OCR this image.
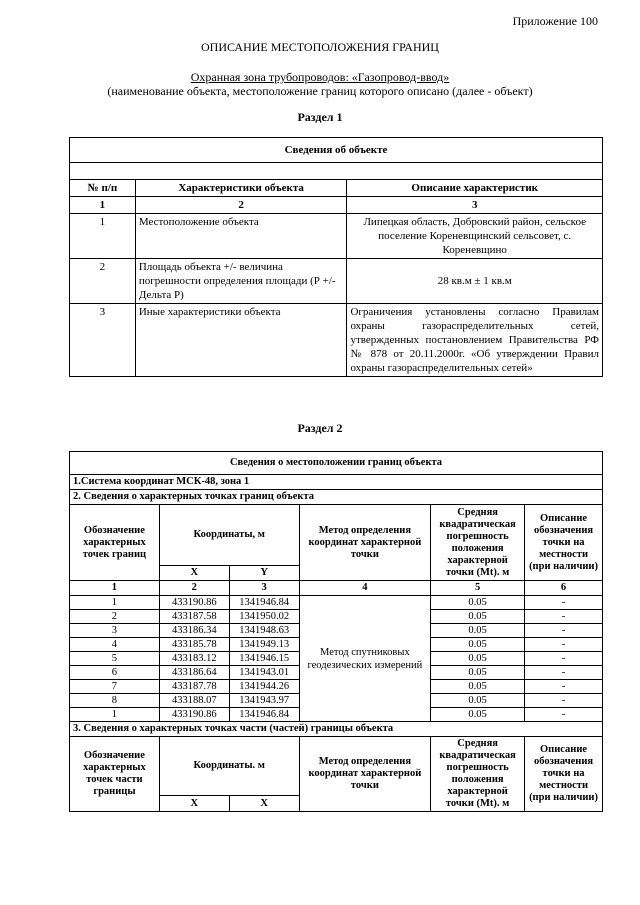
Приложение 100
ОПИСАНИЕ МЕСТОПОЛОЖЕНИЯ ГРАНИЦ
Охранная зона трубопроводов: «Газопровод-ввод»
(наименование объекта, местоположение границ которого описано (далее - объект)
Раздел 1
Сведения об объекте		

№ п/п	Характеристики объекта	Описание характеристик
1	2	3
1	Местоположение объекта	Липецкая область, Добровский район, сельское поселение Кореневщинский сельсовет, с. Кореневщино
2	Площадь объекта +/- величина погрешности определения площади (Р +/- Дельта Р)	28 кв.м ± 1 кв.м
3	Иные характеристики объекта	Ограничения установлены согласно Правилам охраны газораспределительных сетей, утвержденных постановлением Правительства РФ № 878 от 20.11.2000г. «Об утверждении Правил охраны газораспределительных сетей»
Раздел 2
Сведения о местоположении границ объекта					
1.Система координат МСК-48, зона 1					
2. Сведения о характерных точках границ объекта					
Обозначение характерных точек границ	Координаты, м		Метод определения координат характерной точки	Средняя квадратическая погрешность положения характерной точки (Mt). м	Описание обозначения точки на местности (при наличии)
	X	Y			
1	2	3	4	5	6
1	433190.86	1341946.84	Метод спутниковых геодезических измерений	0.05	-
2	433187.58	1341950.02		0.05	-
3	433186.34	1341948.63		0.05	-
4	433185.78	1341949.13		0.05	-
5	433183.12	1341946.15		0.05	-
6	433186.64	1341943.01		0.05	-
7	433187.78	1341944.26		0.05	-
8	433188.07	1341943.97		0.05	-
1	433190.86	1341946.84		0.05	-
3. Сведения о характерных точках части (частей) границы объекта					
Обозначение характерных точек части границы	Координаты. м		Метод определения координат характерной точки	Средняя квадратическая погрешность положения характерной точки (Mt). м	Описание обозначения точки на местности (при наличии)
	X	X			
